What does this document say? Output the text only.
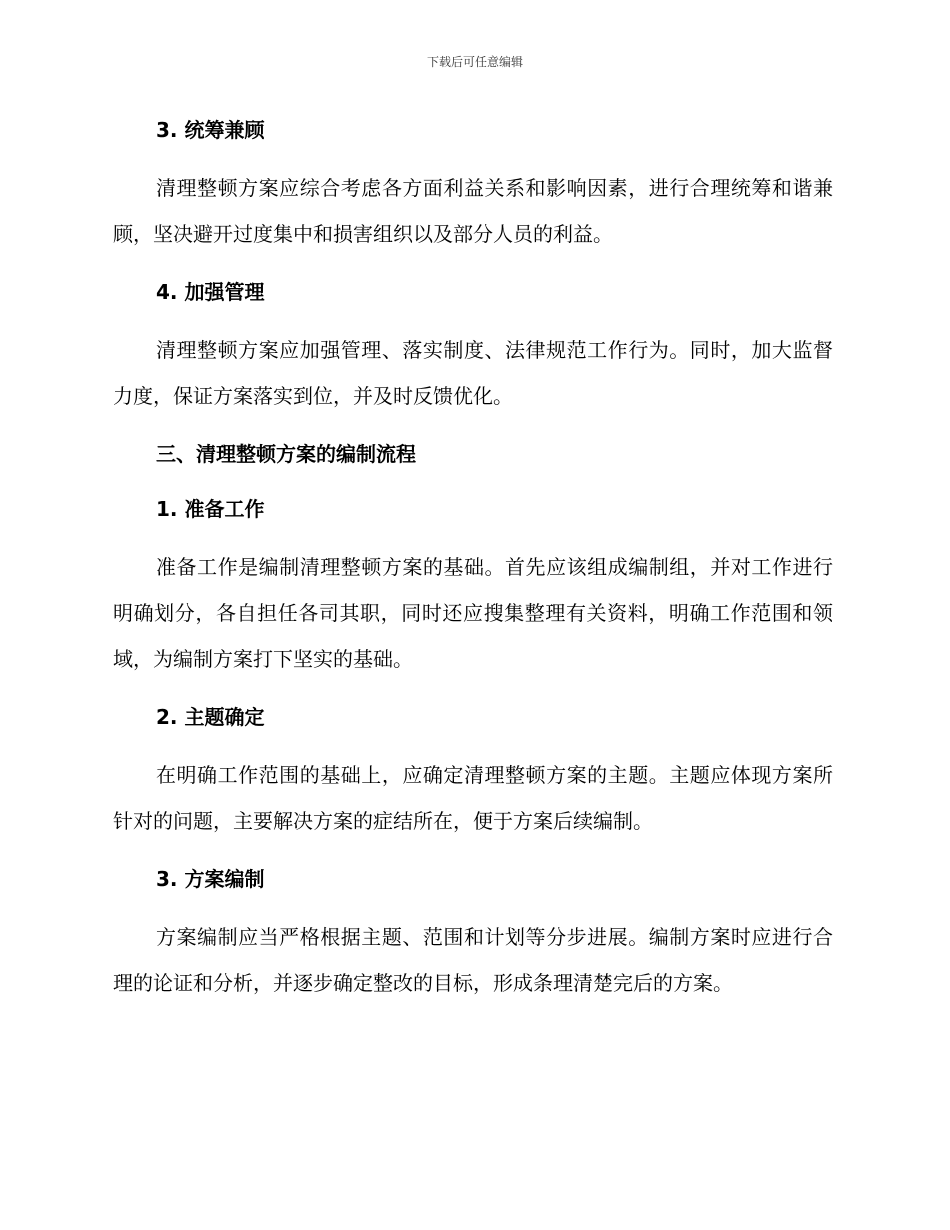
下载后可任意编辑
3. 统筹兼顾

清理整顿方案应综合考虑各方面利益关系和影响因素，进行合理统筹和谐兼顾，坚决避开过度集中和损害组织以及部分人员的利益。

4. 加强管理

清理整顿方案应加强管理、落实制度、法律规范工作行为。同时，加大监督力度，保证方案落实到位，并及时反馈优化。

三、清理整顿方案的编制流程
1. 准备工作

准备工作是编制清理整顿方案的基础。首先应该组成编制组，并对工作进行明确划分，各自担任各司其职，同时还应搜集整理有关资料，明确工作范围和领域，为编制方案打下坚实的基础。

2. 主题确定

在明确工作范围的基础上，应确定清理整顿方案的主题。主题应体现方案所针对的问题，主要解决方案的症结所在，便于方案后续编制。

3. 方案编制

方案编制应当严格根据主题、范围和计划等分步进展。编制方案时应进行合理的论证和分析，并逐步确定整改的目标，形成条理清楚完后的方案。
